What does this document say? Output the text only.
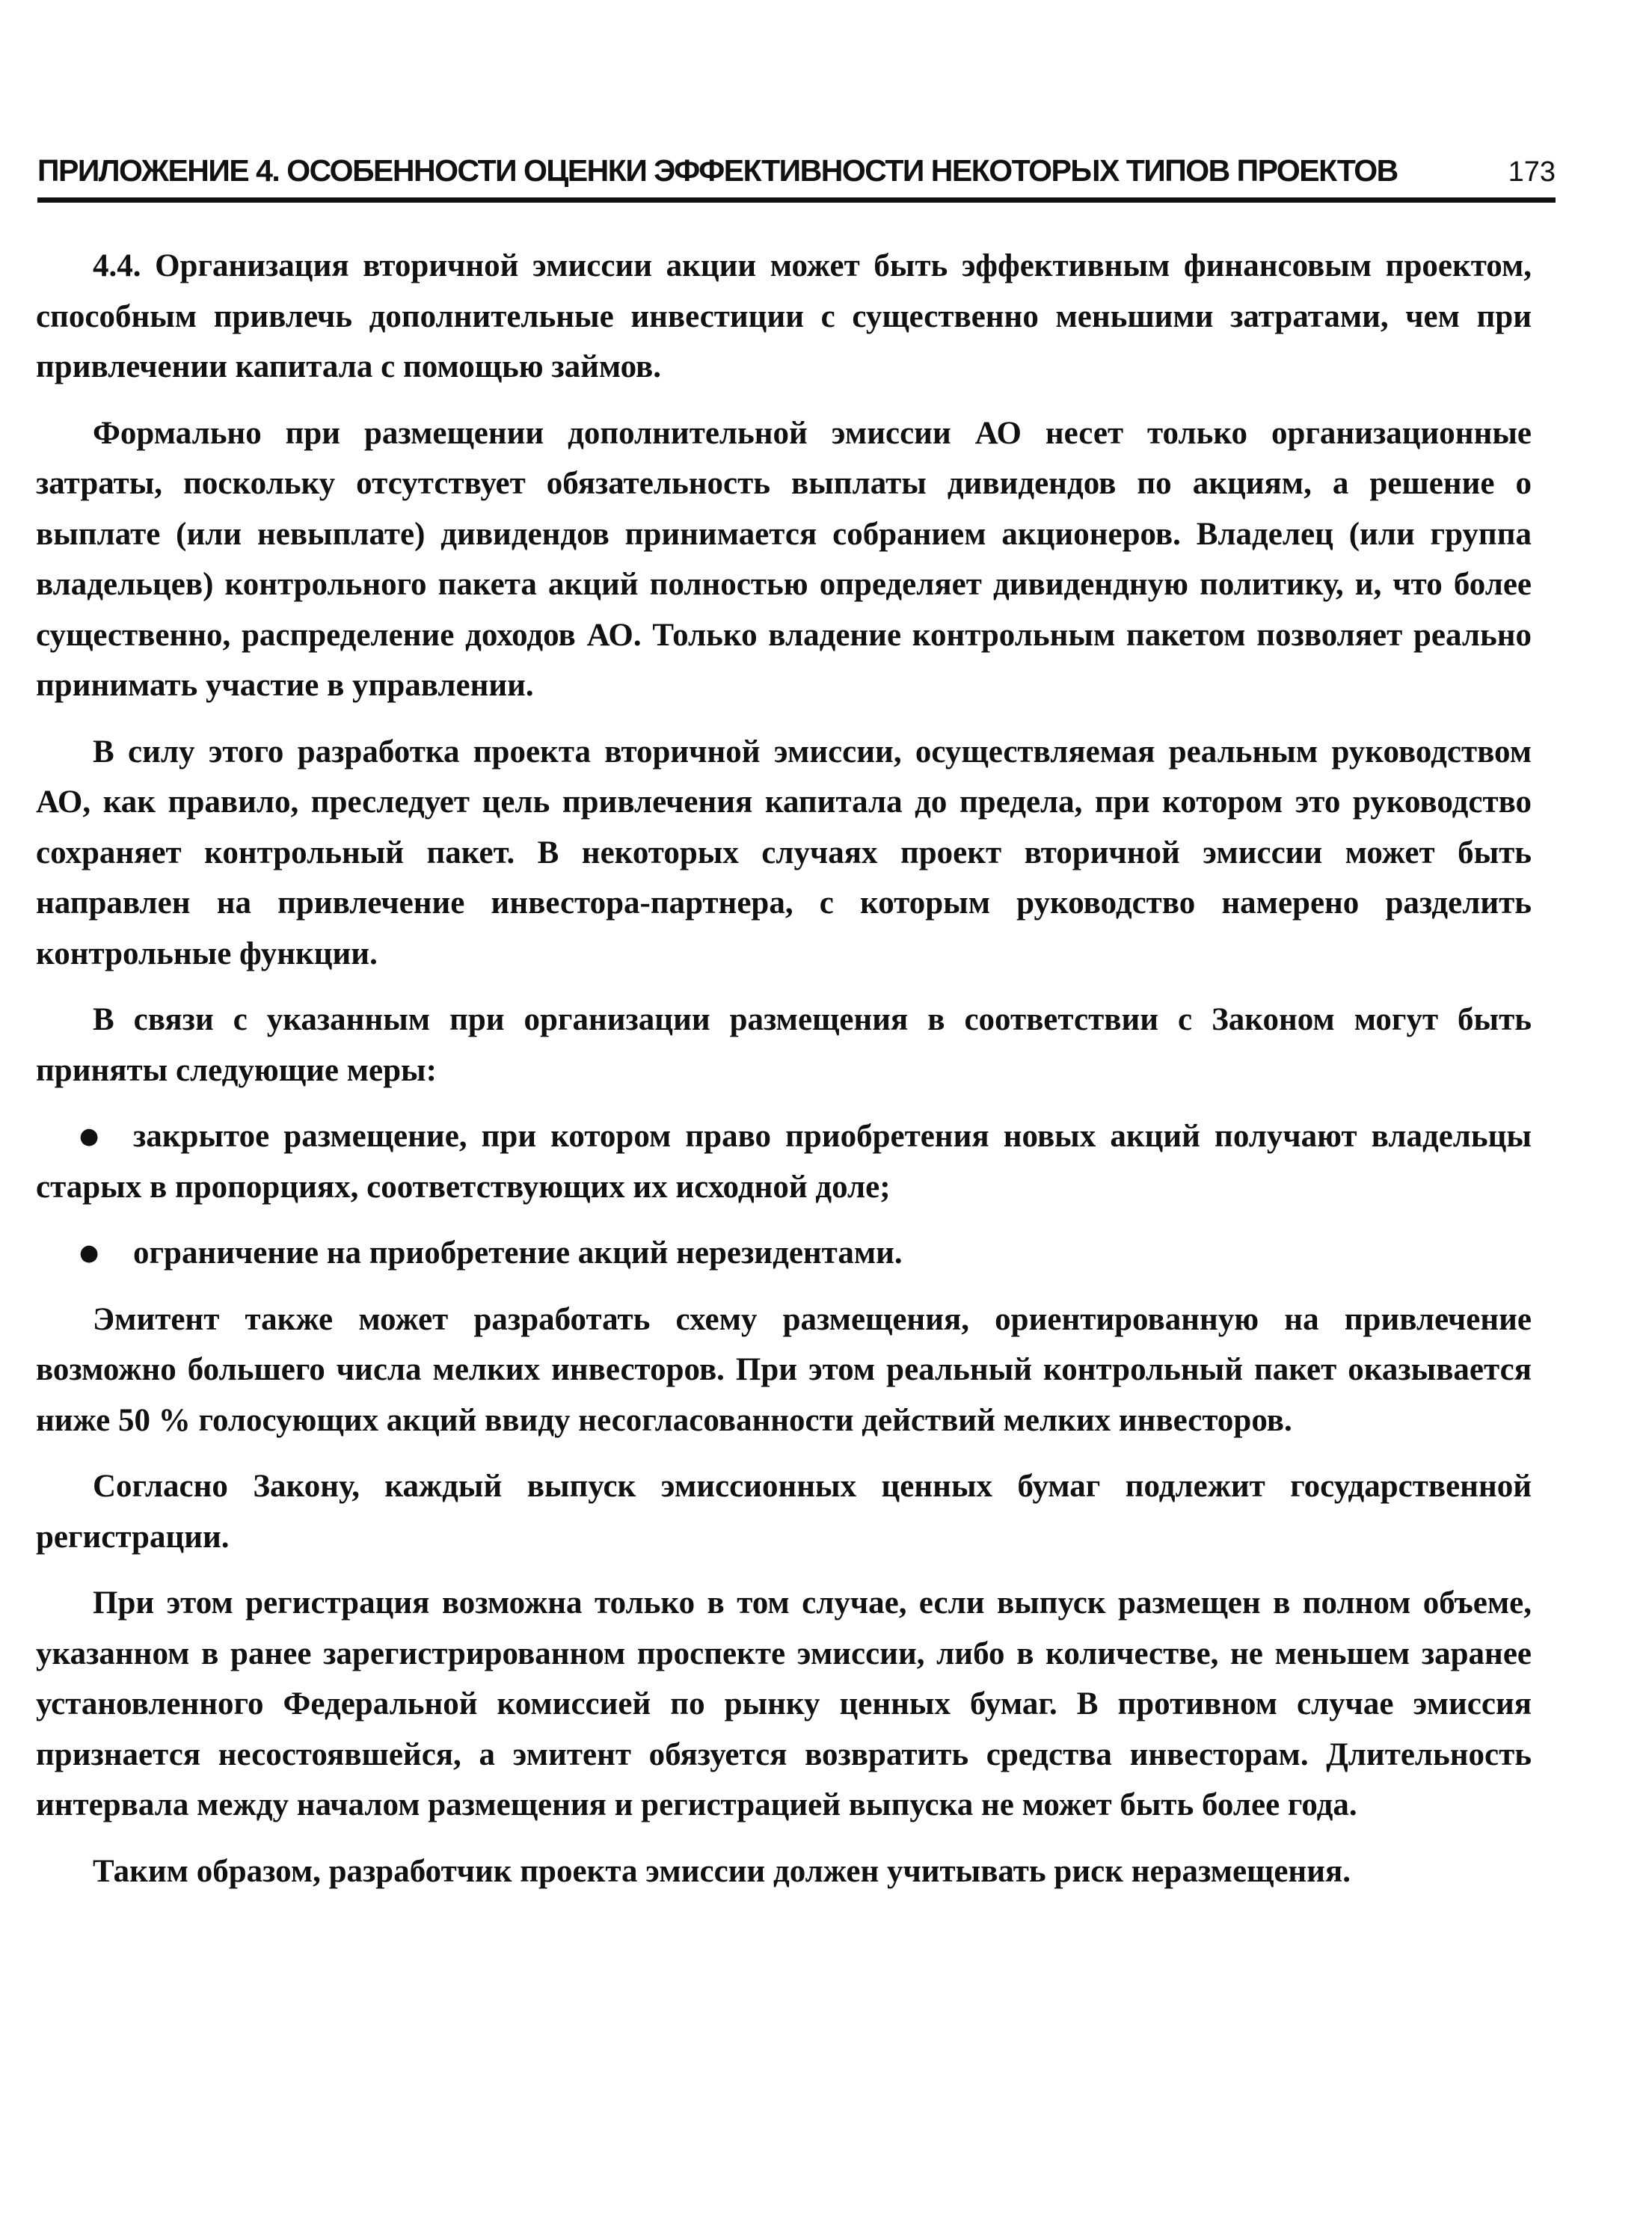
ПРИЛОЖЕНИЕ 4. ОСОБЕННОСТИ ОЦЕНКИ ЭФФЕКТИВНОСТИ НЕКОТОРЫХ ТИПОВ ПРОЕКТОВ	173

4.4. Организация вторичной эмиссии акции может быть эффективным финансовым проектом, способным привлечь дополнительные инвестиции с существенно меньшими затратами, чем при привлечении капитала с помощью займов.

Формально при размещении дополнительной эмиссии АО несет только организационные затраты, поскольку отсутствует обязательность выплаты дивидендов по акциям, а решение о выплате (или невыплате) дивидендов принимается собранием акционеров. Владелец (или группа владельцев) контрольного пакета акций полностью определяет дивидендную политику, и, что более существенно, распределение доходов АО. Только владение контрольным пакетом позволяет реально принимать участие в управлении.

В силу этого разработка проекта вторичной эмиссии, осуществляемая реальным руководством АО, как правило, преследует цель привлечения капитала до предела, при котором это руководство сохраняет контрольный пакет. В некоторых случаях проект вторичной эмиссии может быть направлен на привлечение инвестора-партнера, с которым руководство намерено разделить контрольные функции.

В связи с указанным при организации размещения в соответствии с Законом могут быть приняты следующие меры:

● закрытое размещение, при котором право приобретения новых акций получают владельцы старых в пропорциях, соответствующих их исходной доле;
● ограничение на приобретение акций нерезидентами.

Эмитент также может разработать схему размещения, ориентированную на привлечение возможно большего числа мелких инвесторов. При этом реальный контрольный пакет оказывается ниже 50 % голосующих акций ввиду несогласованности действий мелких инвесторов.

Согласно Закону, каждый выпуск эмиссионных ценных бумаг подлежит государственной регистрации.

При этом регистрация возможна только в том случае, если выпуск размещен в полном объеме, указанном в ранее зарегистрированном проспекте эмиссии, либо в количестве, не меньшем заранее установленного Федеральной комиссией по рынку ценных бумаг. В противном случае эмиссия признается несостоявшейся, а эмитент обязуется возвратить средства инвесторам. Длительность интервала между началом размещения и регистрацией выпуска не может быть более года.

Таким образом, разработчик проекта эмиссии должен учитывать риск неразмещения.
